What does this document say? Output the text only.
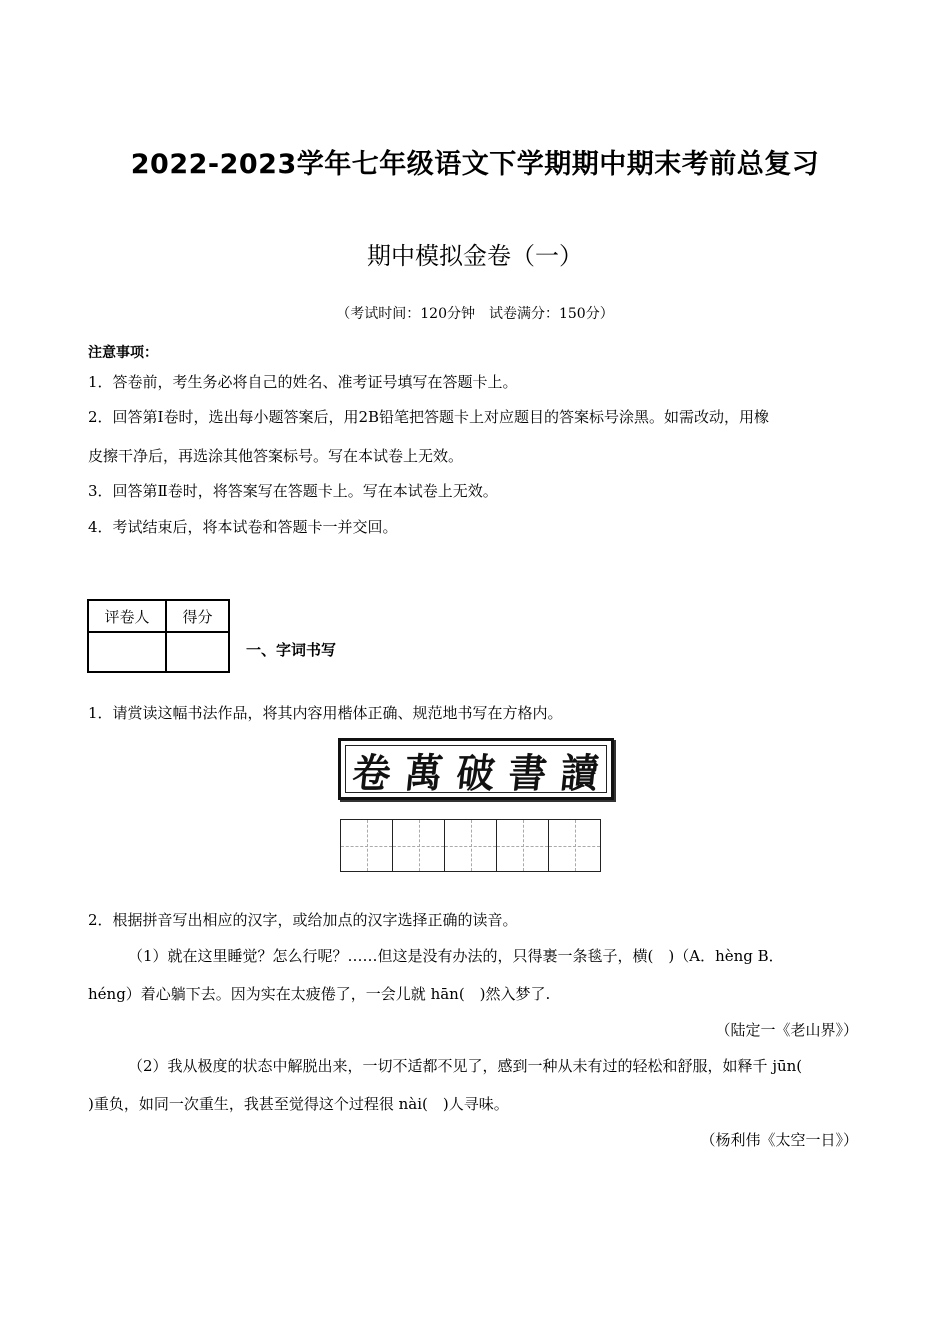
2022-2023学年七年级语文下学期期中期末考前总复习
期中模拟金卷（一）
（考试时间：120分钟　试卷满分：150分）
注意事项：
1．答卷前，考生务必将自己的姓名、准考证号填写在答题卡上。
2．回答第Ⅰ卷时，选出每小题答案后，用2B铅笔把答题卡上对应题目的答案标号涂黑。如需改动，用橡
皮擦干净后，再选涂其他答案标号。写在本试卷上无效。
3．回答第Ⅱ卷时，将答案写在答题卡上。写在本试卷上无效。
4．考试结束后，将本试卷和答题卡一并交回。
评卷人	得分

一、字词书写
1．请赏读这幅书法作品，将其内容用楷体正确、规范地书写在方格内。
卷 萬 破 書 讀
2．根据拼音写出相应的汉字，或给加点的汉字选择正确的读音。
（1）就在这里睡觉？怎么行呢？……但这是没有办法的，只得裹一条毯子，横(　)（A．hèng B．
héng）着心躺下去。因为实在太疲倦了，一会儿就 hān(　)然入梦了.
（陆定一《老山界》）
（2）我从极度的状态中解脱出来，一切不适都不见了，感到一种从未有过的轻松和舒服，如释千 jūn(
)重负，如同一次重生，我甚至觉得这个过程很 nài(　)人寻味。
（杨利伟《太空一日》）
